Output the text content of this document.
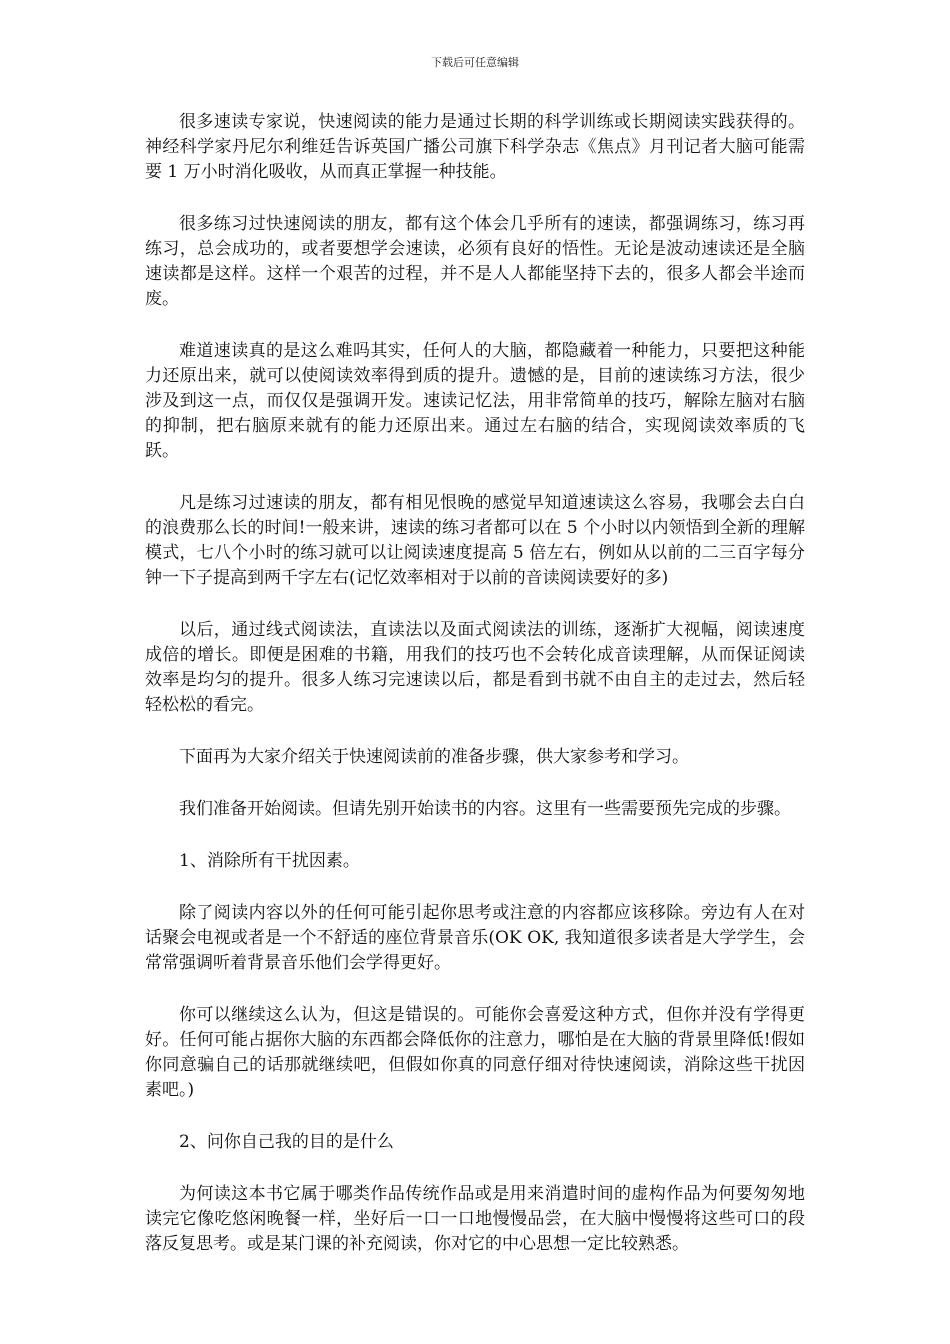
下载后可任意编辑

很多速读专家说，快速阅读的能力是通过长期的科学训练或长期阅读实践获得的。神经科学家丹尼尔利维廷告诉英国广播公司旗下科学杂志《焦点》月刊记者大脑可能需要 1 万小时消化吸收，从而真正掌握一种技能。

很多练习过快速阅读的朋友，都有这个体会几乎所有的速读，都强调练习，练习再练习，总会成功的，或者要想学会速读，必须有良好的悟性。无论是波动速读还是全脑速读都是这样。这样一个艰苦的过程，并不是人人都能坚持下去的，很多人都会半途而废。

难道速读真的是这么难吗其实，任何人的大脑，都隐藏着一种能力，只要把这种能力还原出来，就可以使阅读效率得到质的提升。遗憾的是，目前的速读练习方法，很少涉及到这一点，而仅仅是强调开发。速读记忆法，用非常简单的技巧，解除左脑对右脑的抑制，把右脑原来就有的能力还原出来。通过左右脑的结合，实现阅读效率质的飞跃。

凡是练习过速读的朋友，都有相见恨晚的感觉早知道速读这么容易，我哪会去白白的浪费那么长的时间!一般来讲，速读的练习者都可以在 5 个小时以内领悟到全新的理解模式，七八个小时的练习就可以让阅读速度提高 5 倍左右，例如从以前的二三百字每分钟一下子提高到两千字左右(记忆效率相对于以前的音读阅读要好的多)

以后，通过线式阅读法，直读法以及面式阅读法的训练，逐渐扩大视幅，阅读速度成倍的增长。即便是困难的书籍，用我们的技巧也不会转化成音读理解，从而保证阅读效率是均匀的提升。很多人练习完速读以后，都是看到书就不由自主的走过去，然后轻轻松松的看完。

下面再为大家介绍关于快速阅读前的准备步骤，供大家参考和学习。

我们准备开始阅读。但请先别开始读书的内容。这里有一些需要预先完成的步骤。

1、消除所有干扰因素。

除了阅读内容以外的任何可能引起你思考或注意的内容都应该移除。旁边有人在对话聚会电视或者是一个不舒适的座位背景音乐(OK OK, 我知道很多读者是大学学生，会常常强调听着背景音乐他们会学得更好。

你可以继续这么认为，但这是错误的。可能你会喜爱这种方式，但你并没有学得更好。任何可能占据你大脑的东西都会降低你的注意力，哪怕是在大脑的背景里降低!假如你同意骗自己的话那就继续吧，但假如你真的同意仔细对待快速阅读，消除这些干扰因素吧。)

2、问你自己我的目的是什么

为何读这本书它属于哪类作品传统作品或是用来消遣时间的虚构作品为何要匆匆地读完它像吃悠闲晚餐一样，坐好后一口一口地慢慢品尝，在大脑中慢慢将这些可口的段落反复思考。或是某门课的补充阅读，你对它的中心思想一定比较熟悉。
